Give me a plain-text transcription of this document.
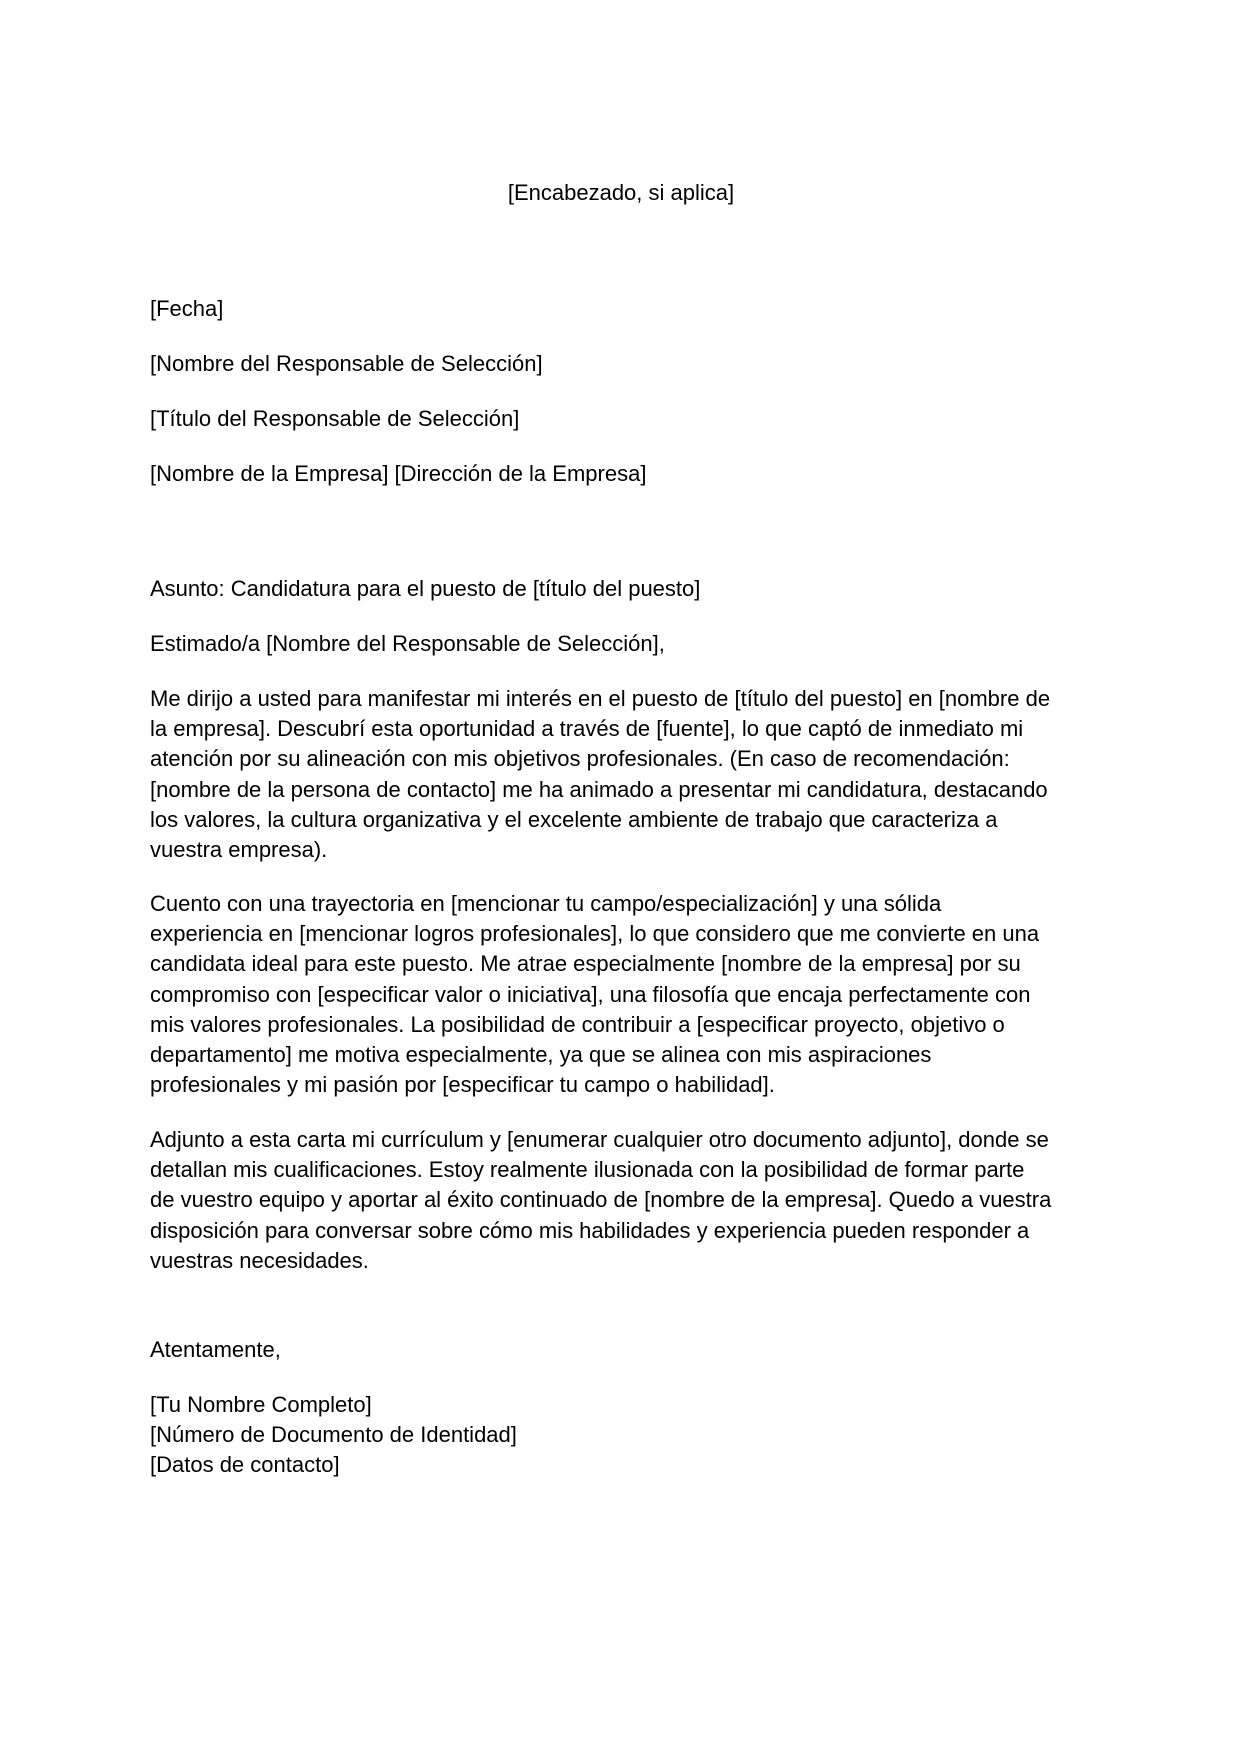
[Encabezado, si aplica]
[Fecha]
[Nombre del Responsable de Selección]
[Título del Responsable de Selección]
[Nombre de la Empresa] [Dirección de la Empresa]
Asunto: Candidatura para el puesto de [título del puesto]
Estimado/a [Nombre del Responsable de Selección],
Me dirijo a usted para manifestar mi interés en el puesto de [título del puesto] en [nombre de
la empresa]. Descubrí esta oportunidad a través de [fuente], lo que captó de inmediato mi
atención por su alineación con mis objetivos profesionales. (En caso de recomendación:
[nombre de la persona de contacto] me ha animado a presentar mi candidatura, destacando
los valores, la cultura organizativa y el excelente ambiente de trabajo que caracteriza a
vuestra empresa).
Cuento con una trayectoria en [mencionar tu campo/especialización] y una sólida
experiencia en [mencionar logros profesionales], lo que considero que me convierte en una
candidata ideal para este puesto. Me atrae especialmente [nombre de la empresa] por su
compromiso con [especificar valor o iniciativa], una filosofía que encaja perfectamente con
mis valores profesionales. La posibilidad de contribuir a [especificar proyecto, objetivo o
departamento] me motiva especialmente, ya que se alinea con mis aspiraciones
profesionales y mi pasión por [especificar tu campo o habilidad].
Adjunto a esta carta mi currículum y [enumerar cualquier otro documento adjunto], donde se
detallan mis cualificaciones. Estoy realmente ilusionada con la posibilidad de formar parte
de vuestro equipo y aportar al éxito continuado de [nombre de la empresa]. Quedo a vuestra
disposición para conversar sobre cómo mis habilidades y experiencia pueden responder a
vuestras necesidades.
Atentamente,
[Tu Nombre Completo]
[Número de Documento de Identidad]
[Datos de contacto]
